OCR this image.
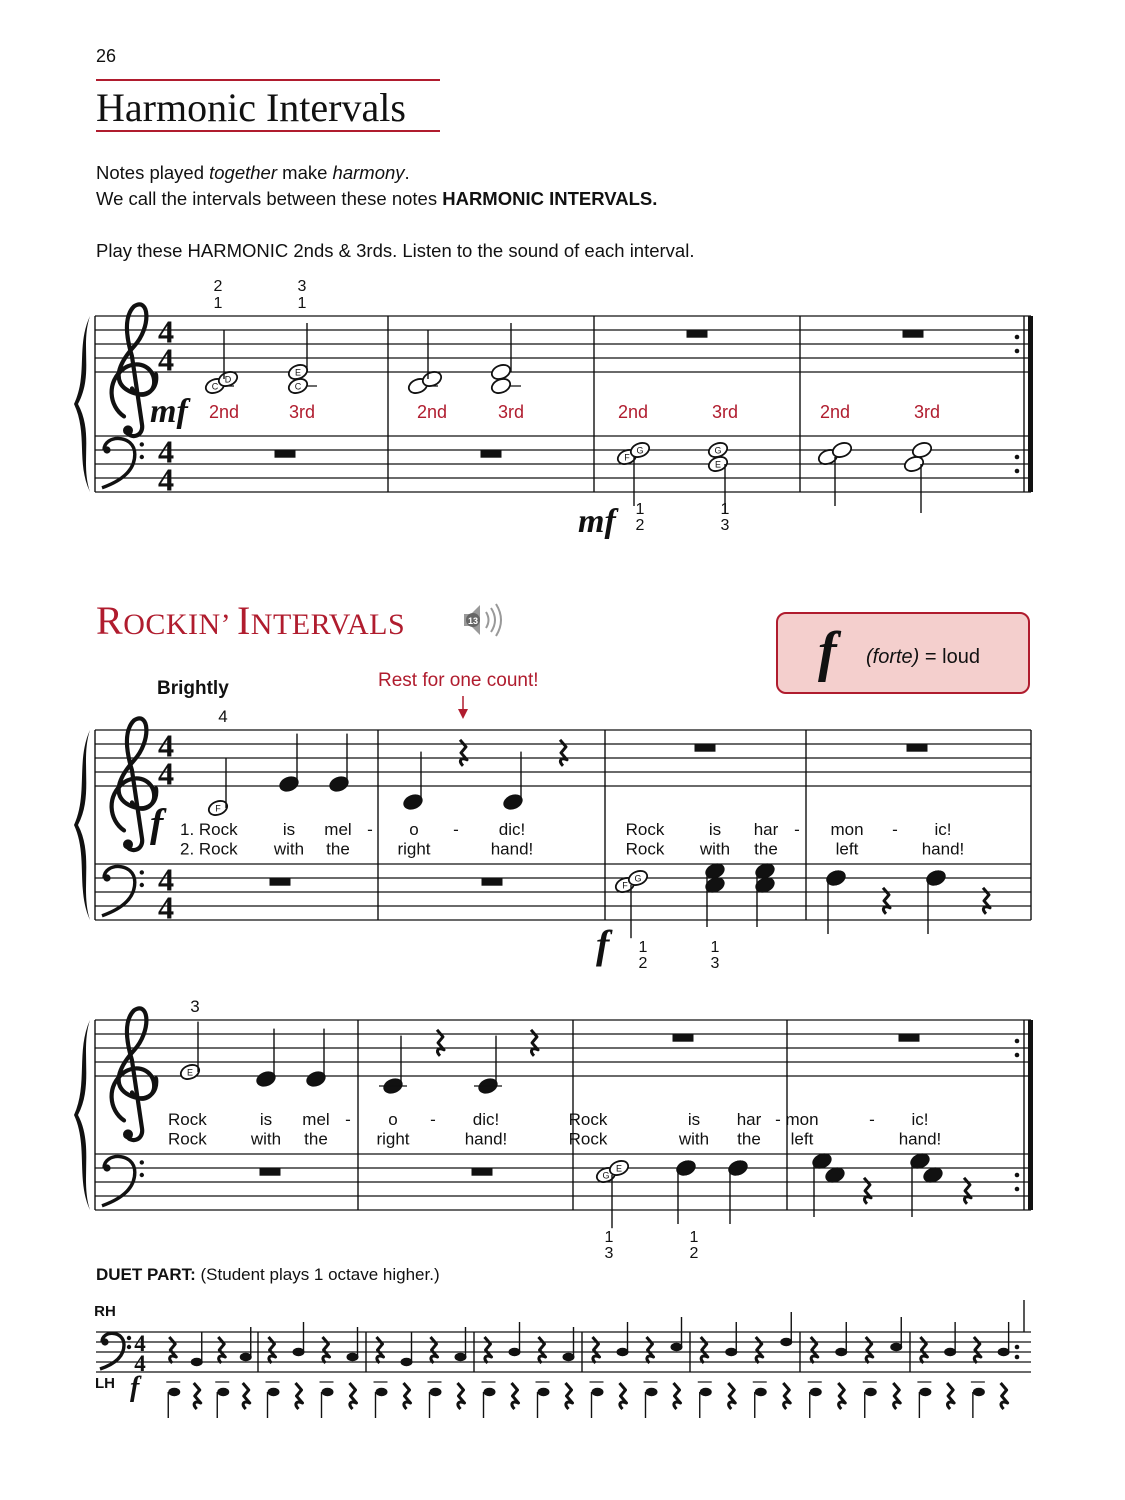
26
Harmonic Intervals
Notes played together make harmony.
We call the intervals between these notes HARMONIC INTERVALS.
Play these HARMONIC 2nds & 3rds. Listen to the sound of each interval.
4
4
4
4
C
D
C
E
2
1
3
1
2nd	3rd	2nd	3rd	2nd	3rd	2nd	3rd
mf
F
G
E
G
1
2
1
3
mf
ROCKIN’ INTERVALS	13	f (forte) = loud
Brightly	Rest for one count!
4
4
4
4
F
4
F
G
1
2
1
3
f
f
1. Rock	is mel - o - dic!	Rock	is har - mon - ic!
2. Rock with the	right	hand!	Rock with the	left	hand!
E
3
G
E
1
3
1
2
Rock	is mel - o - dic!	Rock	is har - mon	- ic!
Rock	with the	right	hand!	Rock	with the left	hand!
DUET PART: (Student plays 1 octave higher.)
RH
LH
4
4
f
